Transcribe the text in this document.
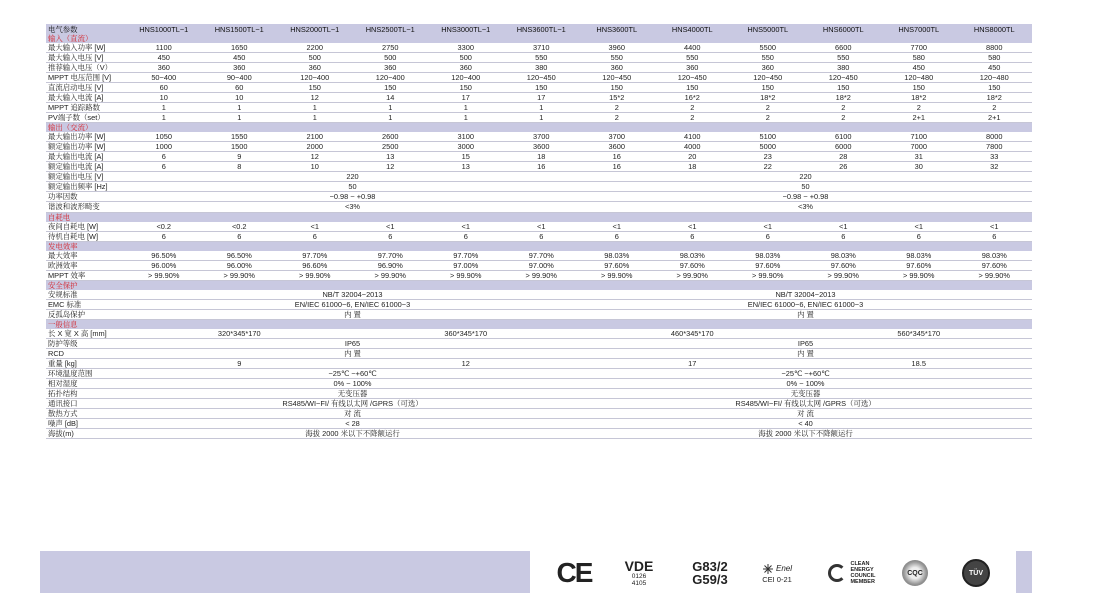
电气参数	HNS1000TL−1	HNS1500TL−1	HNS2000TL−1	HNS2500TL−1	HNS3000TL−1	HNS3600TL−1	HNS3600TL	HNS4000TL	HNS5000TL	HNS6000TL	HNS7000TL	HNS8000TL
输入（直流）												
最大输入功率 [W]	1100	1650	2200	2750	3300	3710	3960	4400	5500	6600	7700	8800
最大输入电压 [V]	450	450	500	500	500	550	550	550	550	550	580	580
推荐输入电压（V）	360	360	360	360	360	380	360	360	360	380	450	450
MPPT 电压范围 [V]	50−400	90−400	120−400	120−400	120−400	120−450	120−450	120−450	120−450	120−450	120−480	120−480
直流启动电压 [V]	60	60	150	150	150	150	150	150	150	150	150	150
最大输入电流 [A]	10	10	12	14	17	17	15*2	16*2	18*2	18*2	18*2	18*2
MPPT 追踪路数	1	1	1	1	1	1	2	2	2	2	2	2
PV端子数（set）	1	1	1	1	1	1	2	2	2	2	2+1	2+1
输出（交流）												
最大输出功率 [W]	1050	1550	2100	2600	3100	3700	3700	4100	5100	6100	7100	8000
额定输出功率 [W]	1000	1500	2000	2500	3000	3600	3600	4000	5000	6000	7000	7800
最大输出电流 [A]	6	9	12	13	15	18	16	20	23	28	31	33
额定输出电流 [A]	6	8	10	12	13	16	16	18	22	26	30	32
额定输出电压 [V]	220						220					
额定输出频率 [Hz]	50						50					
功率因数	−0.98 ~ +0.98						−0.98 ~ +0.98					
谐波和波形畸变	<3%						<3%					
自耗电												
夜间自耗电 [W]	<0.2	<0.2	<1	<1	<1	<1	<1	<1	<1	<1	<1	<1
待机自耗电 [W]	6	6	6	6	6	6	6	6	6	6	6	6
发电效率												
最大效率	96.50%	96.50%	97.70%	97.70%	97.70%	97.70%	98.03%	98.03%	98.03%	98.03%	98.03%	98.03%
欧洲效率	96.00%	96.00%	96.60%	96.90%	97.00%	97.00%	97.60%	97.60%	97.60%	97.60%	97.60%	97.60%
MPPT 效率	> 99.90%	> 99.90%	> 99.90%	> 99.90%	> 99.90%	> 99.90%	> 99.90%	> 99.90%	> 99.90%	> 99.90%	> 99.90%	> 99.90%
安全保护												
安规标准	NB/T 32004−2013						NB/T 32004−2013					
EMC 标准	EN/IEC 61000−6, EN/IEC 61000−3						EN/IEC 61000−6, EN/IEC 61000−3					
反孤岛保护	内 置						内 置					
一般信息												
长 X 宽 X 高 [mm]	320*345*170			360*345*170			460*345*170			560*345*170		
防护等级	IP65						IP65					
RCD	内 置						内 置					
重量 [kg]	9			12			17			18.5		
环境温度范围	−25℃ ~+60℃						−25℃ ~+60℃					
相对湿度	0% ~ 100%						0% ~ 100%					
拓扑结构	无变压器						无变压器					
通讯接口	RS485/WI−FI/ 有线以太网 /GPRS（可选）						RS485/WI−FI/ 有线以太网 /GPRS（可选）					
散热方式	对 流						对 流					
噪声 [dB]	< 28						< 40					
海拔(m)	海拔 2000 米以下不降额运行						海拔 2000 米以下不降额运行					
CE VDE
0126
4105
G83/2
G59/3
Enel
CEI 0-21
CLEAN
ENERGY
COUNCIL
MEMBER
CQC	TÜV
